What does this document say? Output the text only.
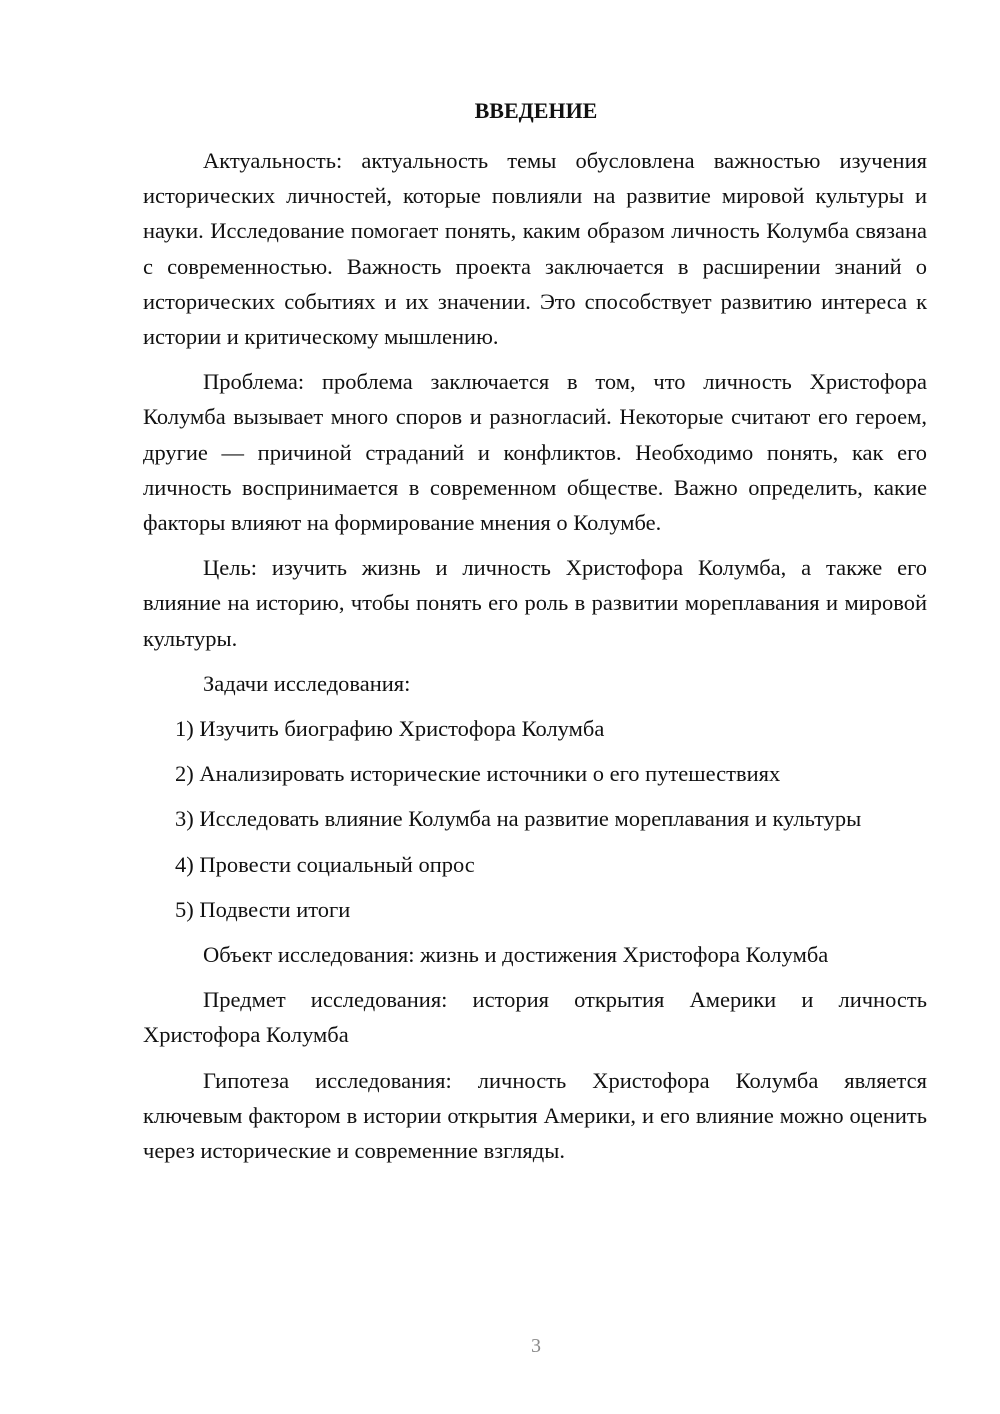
ВВЕДЕНИЕ

Актуальность: актуальность темы обусловлена важностью изучения исторических личностей, которые повлияли на развитие мировой культуры и науки. Исследование помогает понять, каким образом личность Колумба связана с современностью. Важность проекта заключается в расширении знаний о исторических событиях и их значении. Это способствует развитию интереса к истории и критическому мышлению.

Проблема: проблема заключается в том, что личность Христофора Колумба вызывает много споров и разногласий. Некоторые считают его героем, другие — причиной страданий и конфликтов. Необходимо понять, как его личность воспринимается в современном обществе. Важно определить, какие факторы влияют на формирование мнения о Колумбе.

Цель: изучить жизнь и личность Христофора Колумба, а также его влияние на историю, чтобы понять его роль в развитии мореплавания и мировой культуры.

Задачи исследования:

1) Изучить биографию Христофора Колумба

2) Анализировать исторические источники о его путешествиях

3) Исследовать влияние Колумба на развитие мореплавания и культуры

4) Провести социальный опрос

5) Подвести итоги

Объект исследования: жизнь и достижения Христофора Колумба

Предмет исследования: история открытия Америки и личность Христофора Колумба

Гипотеза исследования: личность Христофора Колумба является ключевым фактором в истории открытия Америки, и его влияние можно оценить через исторические и современние взгляды.

3
